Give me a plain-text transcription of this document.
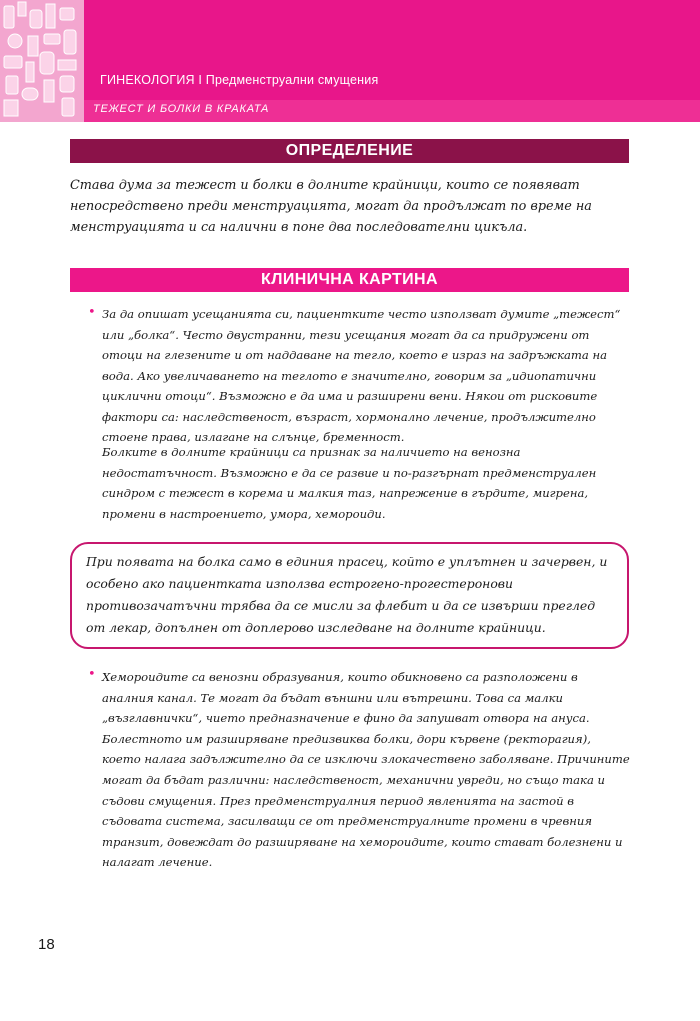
ГИНЕКОЛОГИЯ I Предменструални смущения
ТЕЖЕСТ И БОЛКИ В КРАКАТА
ОПРЕДЕЛЕНИЕ
Става дума за тежест и болки в долните крайници, които се появяват непосредствено преди менструацията, могат да продължат по време на менструацията и са налични в поне два последователни цикъла.
КЛИНИЧНА КАРТИНА
• За да опишат усещанията си, пациентките често използват думите „тежест“ или „болка“. Често двустранни, тези усещания могат да са придружени от отоци на глезените и от наддаване на тегло, което е израз на задръжката на вода. Ако увеличаването на теглото е значително, говорим за „идиопатични циклични отоци“. Възможно е да има и разширени вени. Някои от рисковите фактори са: наследственост, възраст, хормонално лечение, продължително стоене права, излагане на слънце, бременност.
Болките в долните крайници са признак за наличието на венозна недостатъчност. Възможно е да се развие и по-разгърнат предменструален синдром с тежест в корема и малкия таз, напрежение в гърдите, мигрена, промени в настроението, умора, хемороиди.
При появата на болка само в единия прасец, който е уплътнен и зачервен, и особено ако пациентката използва естрогено-прогестеронови противозачатъчни трябва да се мисли за флебит и да се извърши преглед от лекар, допълнен от доплерово изследване на долните крайници.
• Хемороидите са венозни образувания, които обикновено са разположени в аналния канал. Те могат да бъдат външни или вътрешни. Това са малки „възглавнички“, чието предназначение е фино да запушват отвора на ануса. Болестното им разширяване предизвиква болки, дори кървене (ректорагия), което налага задължително да се изключи злокачествено заболяване. Причините могат да бъдат различни: наследственост, механични увреди, но също така и съдови смущения. През предменструалния период явленията на застой в съдовата система, засилващи се от предменструалните промени в чревния транзит, довеждат до разширяване на хемороидите, които стават болезнени и налагат лечение.
18
